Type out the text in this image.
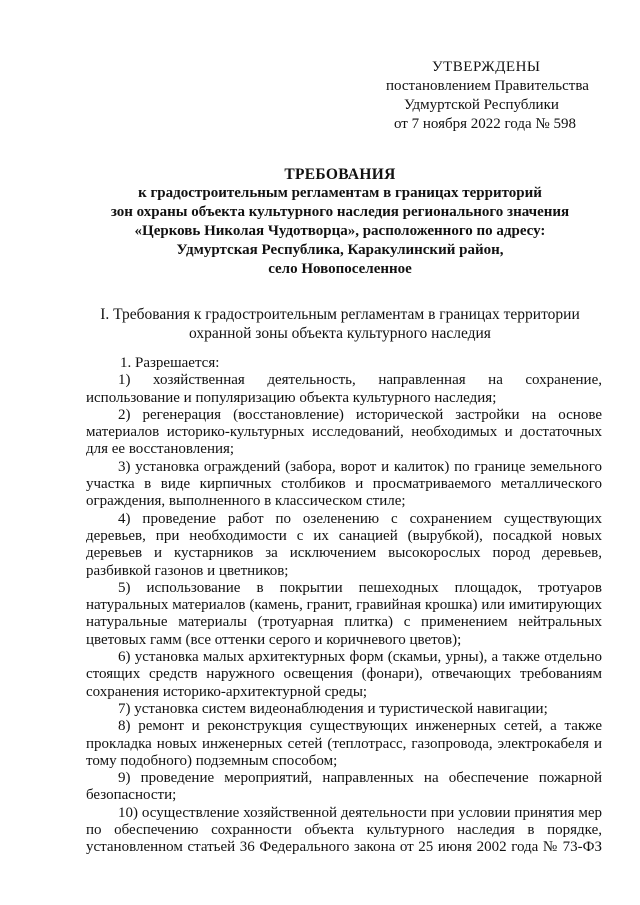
УТВЕРЖДЕНЫ
постановлением Правительства
Удмуртской Республики
от 7 ноября 2022 года № 598
ТРЕБОВАНИЯ
к градостроительным регламентам в границах территорий
зон охраны объекта культурного наследия регионального значения
«Церковь Николая Чудотворца», расположенного по адресу:
Удмуртская Республика, Каракулинский район,
село Новопоселенное
I. Требования к градостроительным регламентам в границах территории
охранной зоны объекта культурного наследия

1. Разрешается:

1) хозяйственная деятельность, направленная на сохранение, использование и популяризацию объекта культурного наследия;

2) регенерация (восстановление) исторической застройки на основе материалов историко-культурных исследований, необходимых и достаточных для ее восстановления;

3) установка ограждений (забора, ворот и калиток) по границе земельного участка в виде кирпичных столбиков и просматриваемого металлического ограждения, выполненного в классическом стиле;

4) проведение работ по озеленению с сохранением существующих деревьев, при необходимости с их санацией (вырубкой), посадкой новых деревьев и кустарников за исключением высокорослых пород деревьев, разбивкой газонов и цветников;

5) использование в покрытии пешеходных площадок, тротуаров натуральных материалов (камень, гранит, гравийная крошка) или имитирующих натуральные материалы (тротуарная плитка) с применением нейтральных цветовых гамм (все оттенки серого и коричневого цветов);

6) установка малых архитектурных форм (скамьи, урны), а также отдельно стоящих средств наружного освещения (фонари), отвечающих требованиям сохранения историко-архитектурной среды;

7) установка систем видеонаблюдения и туристической навигации;

8) ремонт и реконструкция существующих инженерных сетей, а также прокладка новых инженерных сетей (теплотрасс, газопровода, электрокабеля и тому подобного) подземным способом;

9) проведение мероприятий, направленных на обеспечение пожарной безопасности;

10) осуществление хозяйственной деятельности при условии принятия мер по обеспечению сохранности объекта культурного наследия в порядке, установленном статьей 36 Федерального закона от 25 июня 2002 года № 73-ФЗ
